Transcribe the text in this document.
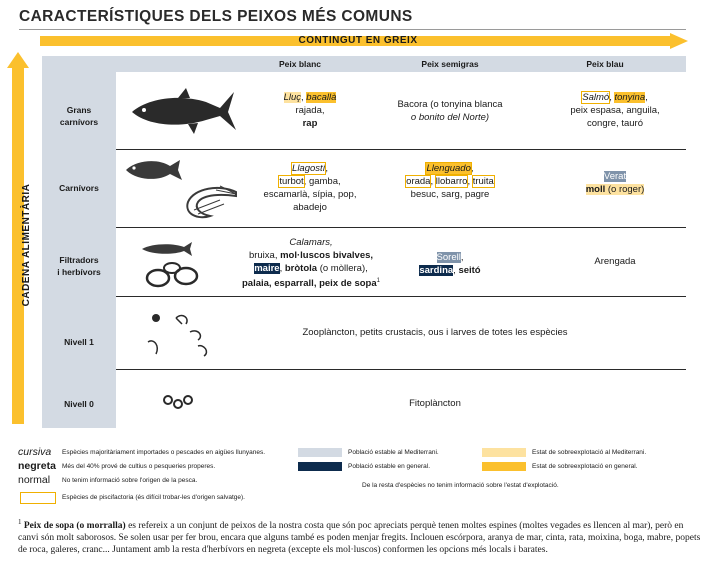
CARACTERÍSTIQUES DELS PEIXOS MÉS COMUNS
CONTINGUT EN GREIX
CADENA ALIMENTÀRIA
Peix blanc	Peix semigras	Peix blau
Grans
carnívors
Carnívors
Filtradors
i herbívors
Nivell 1
Nivell 0
Lluç, bacallà
rajada,
rap
Bacora (o tonyina blanca
o bonito del Norte)
Salmó, tonyina,
peix espasa, anguila,
congre, tauró
Llagostí,
turbot, gamba,
escamarlà, sípia, pop,
abadejo
Llenguado,
orada, llobarro, truita
besuc, sarg, pagre
Verat
moll (o roger)
Calamars,
bruixa, mol·luscos bivalves,
maire, bròtola (o mòllera),
palaia, esparrall, peix de sopa$^1$
Sorell,
sardina, seitó
Arengada
Zooplàncton, petits crustacis, ous i larves de totes les espècies
Fitoplàncton
cursiva Espècies majoritàriament importades o pescades en aigües llunyanes.
negreta Més del 40% prové de cultius o pesqueries properes.
normal No tenim informació sobre l'origen de la pesca.
Espècies de piscifactoria (és difícil trobar-les d'origen salvatge).
Població estable al Mediterrani.
Població estable en general.
Estat de sobreexplotació al Mediterrani.
Estat de sobreexplotació en general.
De la resta d'espècies no tenim informació sobre l'estat d'explotació.
$^1$ Peix de sopa (o morralla) es refereix a un conjunt de peixos de la nostra costa que són poc apreciats perquè tenen moltes espines (moltes vegades es llencen al mar), però en canvi són molt saborosos. Se solen usar per fer brou, encara que alguns també es poden menjar fregits. Inclouen escórpora, aranya de mar, cinta, rata, moixina, boga, mabre, popets de roca, galeres, cranc... Juntament amb la resta d'herbívors en negreta (excepte els mol·luscos) conformen les opcions més locals i barates.
